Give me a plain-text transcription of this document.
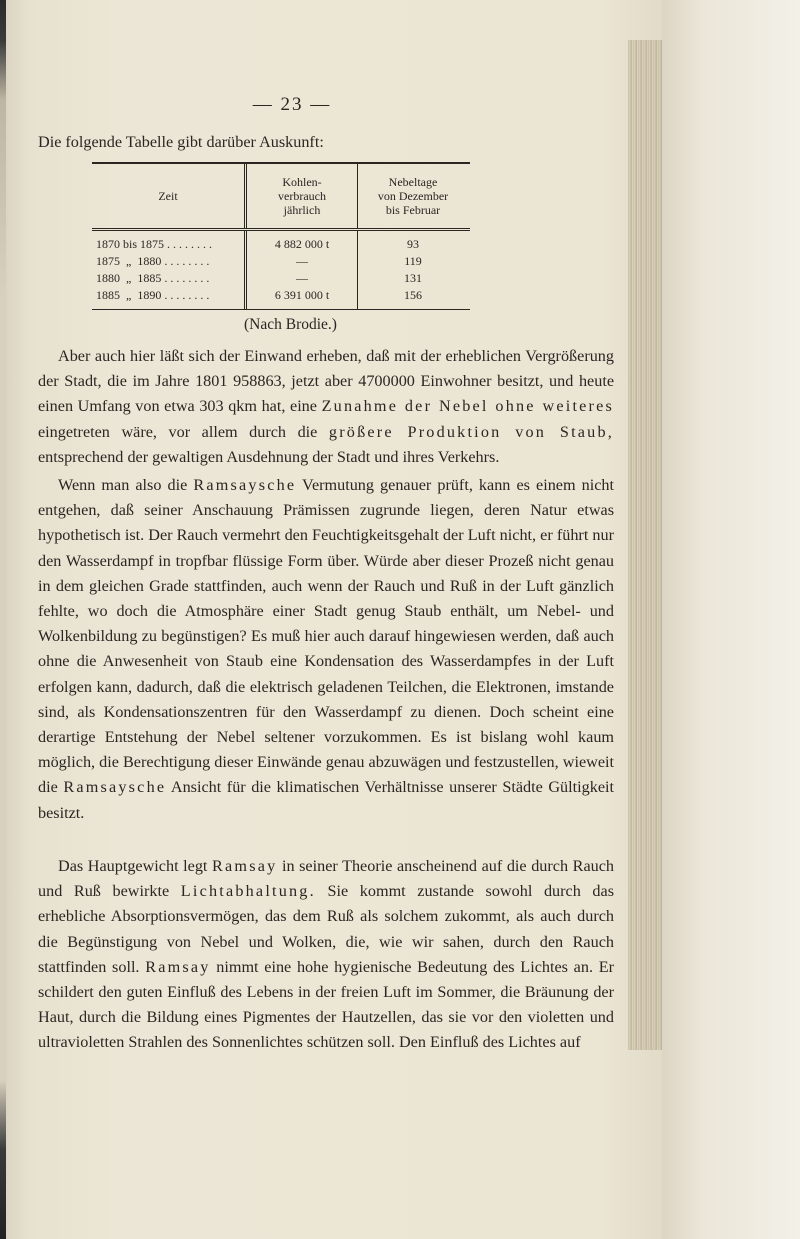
— 23 —
Die folgende Tabelle gibt darüber Auskunft:
Zeit
Kohlen-
verbrauch
jährlich
Nebeltage
von Dezember
bis Februar
1870 bis 1875 . . . . . . . .
1875  „  1880 . . . . . . . .
1880  „  1885 . . . . . . . .
1885  „  1890 . . . . . . . .
4 882 000 t
—
—
6 391 000 t
93
119
131
156
(Nach Brodie.)
Aber auch hier läßt sich der Einwand erheben, daß mit der erheblichen Vergrößerung der Stadt, die im Jahre 1801 958863, jetzt aber 4700000 Einwohner besitzt, und heute einen Umfang von etwa 303 qkm hat, eine Zunahme der Nebel ohne weiteres eingetreten wäre, vor allem durch die größere Produktion von Staub, entsprechend der gewaltigen Ausdehnung der Stadt und ihres Verkehrs.
Wenn man also die Ramsaysche Vermutung genauer prüft, kann es einem nicht entgehen, daß seiner Anschauung Prämissen zugrunde liegen, deren Natur etwas hypothetisch ist. Der Rauch vermehrt den Feuchtigkeitsgehalt der Luft nicht, er führt nur den Wasserdampf in tropfbar flüssige Form über. Würde aber dieser Prozeß nicht genau in dem gleichen Grade stattfinden, auch wenn der Rauch und Ruß in der Luft gänzlich fehlte, wo doch die Atmosphäre einer Stadt genug Staub enthält, um Nebel- und Wolkenbildung zu begünstigen? Es muß hier auch darauf hingewiesen werden, daß auch ohne die Anwesenheit von Staub eine Kondensation des Wasserdampfes in der Luft erfolgen kann, dadurch, daß die elektrisch geladenen Teilchen, die Elektronen, imstande sind, als Kondensationszentren für den Wasserdampf zu dienen. Doch scheint eine derartige Entstehung der Nebel seltener vorzukommen. Es ist bislang wohl kaum möglich, die Berechtigung dieser Einwände genau abzuwägen und festzustellen, wieweit die Ramsaysche Ansicht für die klimatischen Verhältnisse unserer Städte Gültigkeit besitzt.
Das Hauptgewicht legt Ramsay in seiner Theorie anscheinend auf die durch Rauch und Ruß bewirkte Lichtabhaltung. Sie kommt zustande sowohl durch das erhebliche Absorptionsvermögen, das dem Ruß als solchem zukommt, als auch durch die Begünstigung von Nebel und Wolken, die, wie wir sahen, durch den Rauch stattfinden soll. Ramsay nimmt eine hohe hygienische Bedeutung des Lichtes an. Er schildert den guten Einfluß des Lebens in der freien Luft im Sommer, die Bräunung der Haut, durch die Bildung eines Pigmentes der Hautzellen, das sie vor den violetten und ultravioletten Strahlen des Sonnenlichtes schützen soll. Den Einfluß des Lichtes auf
